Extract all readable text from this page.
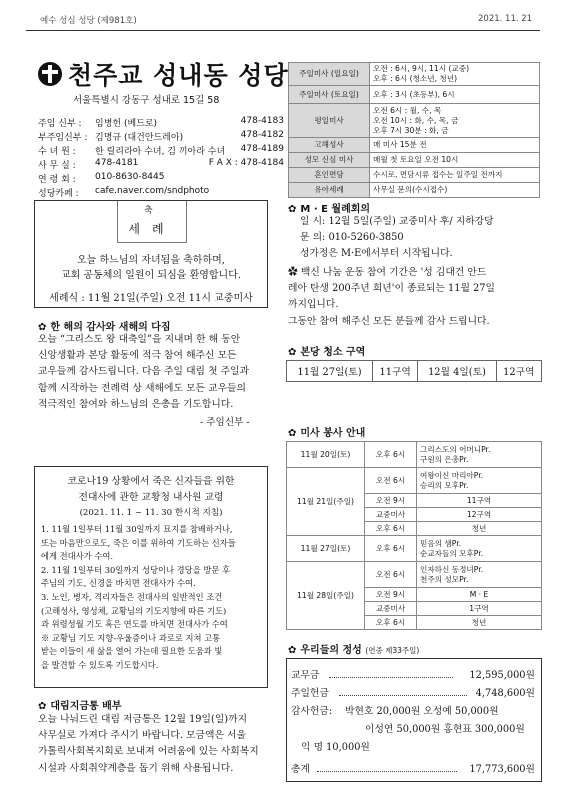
예수 성심 성당 (제981호)	2021. 11. 21
천주교 성내동 성당
서울특별시 강동구 성내로 15길 58
주임 신부 : 임병헌 (베드로)	478-4183
부주임신부 : 김명규 (대건안드레아)	478-4182
수 녀 원 : 한 릴리라아 수녀, 김 끼아라 수녀	478-4189
사 무 실 : 478-4181	F A X : 478-4184
연 령 회 : 010-8630-8445
성당카페 : cafe.naver.com/sndphoto
주일미사 (일요일)	오전 : 6시, 9시, 11시 (교중)
오후 : 6시 (청소년, 청년)

주일미사 (토요일)	오후 : 3시 (초등부), 6시
평일미사	오전 6시 : 월, 수, 목
오전 10시 : 화, 수, 목, 금
오후 7시 30분 : 화, 금

고해성사	매 미사 15분 전
성모 신심 미사	매월 첫 토요일 오전 10시
혼인면담	수시로, 면담시류 접수는 일주일 전까지
유아세례	사무실 문의(수시접수)
축
세례
오늘 하느님의 자녀됨을 축하하며,
교회 공동체의 일원이 되심을 환영합니다.
세례식 : 11월 21일(주일) 오전 11시 교중미사
✿ 한 해의 감사와 새해의 다짐
오늘 “그리스도 왕 대축일”을 지내며 한 해 동안
신앙생활과 본당 활동에 적극 참여 해주신 모든
교우들께 감사드립니다. 다음 주일 대림 첫 주일과
함께 시작하는 전례력 상 새해에도 모든 교우들의
적극적인 참여와 하느님의 은총을 기도합니다.
- 주임신부 -
코로나19 상황에서 죽은 신자들을 위한
전대사에 관한 교황청 내사원 교령
(2021. 11. 1 ~ 11. 30 한시적 지침)
1. 11월 1일부터 11월 30일까지 묘지를 참배하거나,
또는 마음만으로도, 죽은 이를 위하여 기도하는 신자들
에게 전대사가 수여.
2. 11월 1일부터 30일까지 성당이나 경당을 방문 후
주님의 기도, 신경을 바치면 전대사가 수여.
3. 노인, 병자, 격리자들은 전대사의 일반적인 조건
(고해성사, 영성체, 교황님의 기도지향에 따른 기도)
과 위령성월 기도 혹은 연도를 바치면 전대사가 수여
※ 교황님 기도 지향-우울증이나 과로로 지쳐 고통
받는 이들이 새 삶을 열어 가는데 필요한 도움과 빛
을 발견할 수 있도록 기도합시다.
✿ 대림지금통 배부
오늘 나눠드린 대림 저금통은 12월 19일(일)까지
사무실로 가져다 주시기 바랍니다. 모금액은 서울
가톨릭사회복지회로 보내져 어려움에 있는 사회복지
시설과 사회취약계층을 돕기 위해 사용됩니다.
✿ M · E 월례회의
일 시: 12월 5일(주일) 교중미사 후/ 지하강당
문 의: 010-5260-3850
성가정은 M·E에서부터 시작됩니다.
✿ 백신 나눔 운동 참여 기간은 '성 김대건 안드
레아 탄생 200주년 희년'이 종료되는 11월 27일
까지입니다.
그동안 참여 해주신 모든 분들께 감사 드립니다.
✿ 본당 청소 구역
11월 27일(토)	11구역	12월 4일(토)	12구역
✿ 미사 봉사 안내
11월 20일(토)	오후 6시	그리스도의 어머니Pr.
구원의 은총Pr.

11월 21일(주일)	오전 6시	여왕이신 마리아Pr.
승리의 모후Pr.

	오전 9시	11구역
	교중미사	12구역
	오후 6시	청년
11월 27일(토)	오후 6시	믿음의 샘Pr.
순교자들의 모후Pr.

11월 28일(주일)	오전 6시	인자하신 동정녀Pr.
천주의 성모Pr.

	오전 9시	M · E
	교중미사	1구역
	오후 6시	청년
✿ 우리들의 정성 (연중 제33주일)
교무금	12,595,000원
주일헌금	4,748,600원
감사헌금: 박현호 20,000원 오성예 50,000원
이성연 50,000원 홍현표 300,000원
익 명 10,000원
총계	17,773,600원
